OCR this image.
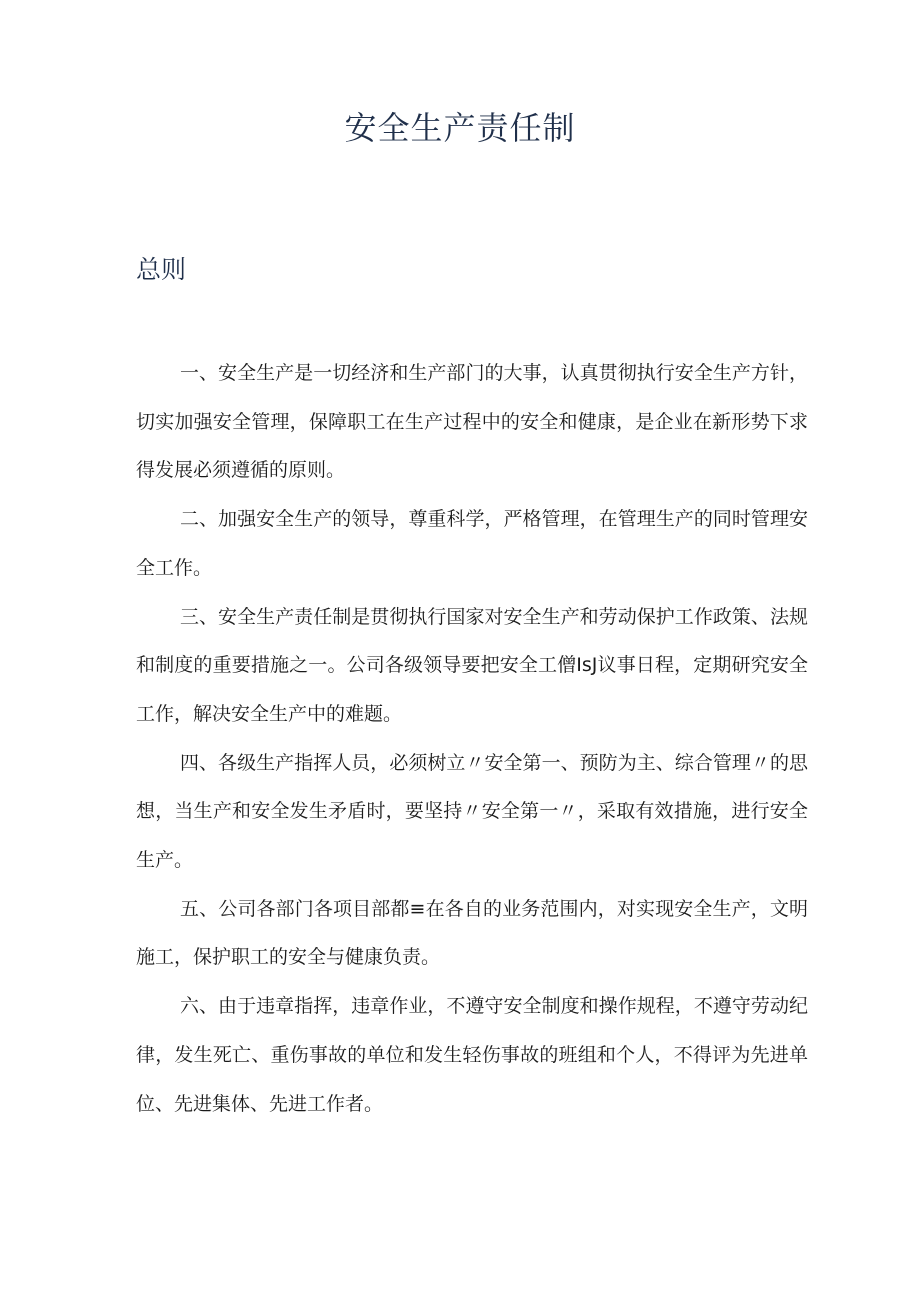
安全生产责任制
总则

一、安全生产是一切经济和生产部门的大事，认真贯彻执行安全生产方针，切实加强安全管理，保障职工在生产过程中的安全和健康，是企业在新形势下求得发展必须遵循的原则。

二、加强安全生产的领导，尊重科学，严格管理，在管理生产的同时管理安全工作。

三、安全生产责任制是贯彻执行国家对安全生产和劳动保护工作政策、法规和制度的重要措施之一。公司各级领导要把安全工僧IsJ议事日程，定期研究安全工作，解决安全生产中的难题。

四、各级生产指挥人员，必须树立〃安全第一、预防为主、综合管理〃的思想，当生产和安全发生矛盾时，要坚持〃安全第一〃，采取有效措施，进行安全生产。

五、公司各部门各项目部都≡在各自的业务范围内，对实现安全生产，文明施工，保护职工的安全与健康负责。

六、由于违章指挥，违章作业，不遵守安全制度和操作规程，不遵守劳动纪律，发生死亡、重伤事故的单位和发生轻伤事故的班组和个人，不得评为先进单位、先进集体、先进工作者。
